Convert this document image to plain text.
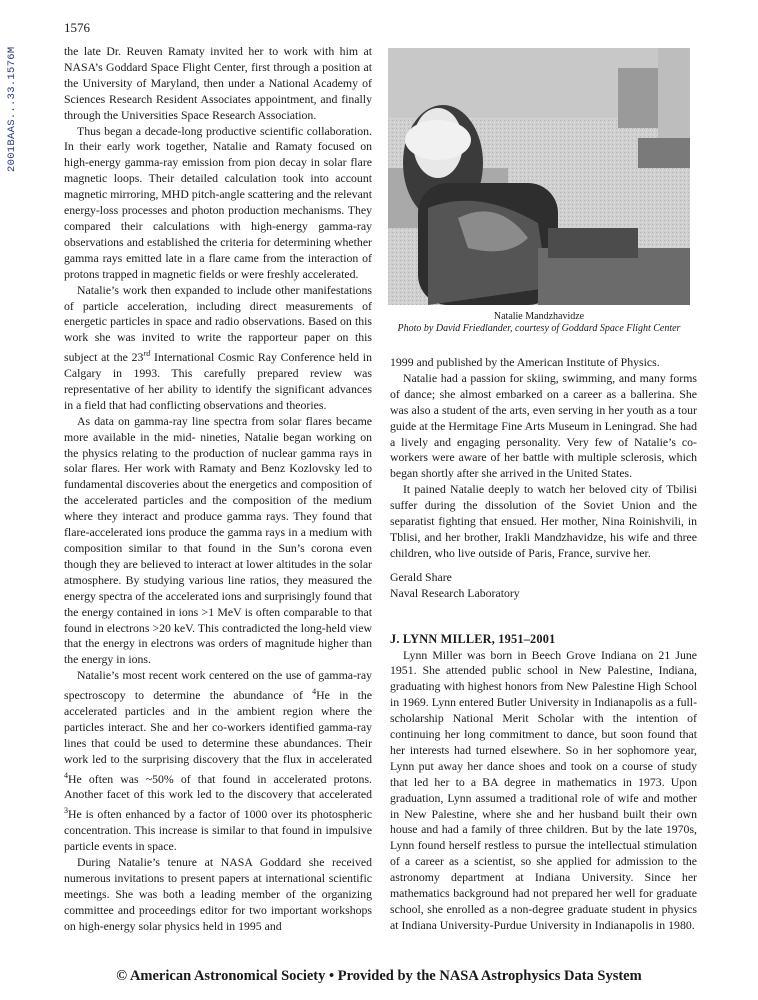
2001BAAS...33.1576M
1576

the late Dr. Reuven Ramaty invited her to work with him at NASA’s Goddard Space Flight Center, first through a position at the University of Maryland, then under a National Academy of Sciences Research Resident Associates appointment, and finally through the Universities Space Research Association.

Thus began a decade-long productive scientific collaboration. In their early work together, Natalie and Ramaty focused on high-energy gamma-ray emission from pion decay in solar flare magnetic loops. Their detailed calculation took into account magnetic mirroring, MHD pitch-angle scattering and the relevant energy-loss processes and photon production mechanisms. They compared their calculations with high-energy gamma-ray observations and established the criteria for determining whether gamma rays emitted late in a flare came from the interaction of protons trapped in magnetic fields or were freshly accelerated.

Natalie’s work then expanded to include other manifestations of particle acceleration, including direct measurements of energetic particles in space and radio observations. Based on this work she was invited to write the rapporteur paper on this subject at the 23rd International Cosmic Ray Conference held in Calgary in 1993. This carefully prepared review was representative of her ability to identify the significant advances in a field that had conflicting observations and theories.

As data on gamma-ray line spectra from solar flares became more available in the mid- nineties, Natalie began working on the physics relating to the production of nuclear gamma rays in solar flares. Her work with Ramaty and Benz Kozlovsky led to fundamental discoveries about the energetics and composition of the accelerated particles and the composition of the medium where they interact and produce gamma rays. They found that flare-accelerated ions produce the gamma rays in a medium with composition similar to that found in the Sun’s corona even though they are believed to interact at lower altitudes in the solar atmosphere. By studying various line ratios, they measured the energy spectra of the accelerated ions and surprisingly found that the energy contained in ions >1 MeV is often comparable to that found in electrons >20 keV. This contradicted the long-held view that the energy in electrons was orders of magnitude higher than the energy in ions.

Natalie’s most recent work centered on the use of gamma-ray spectroscopy to determine the abundance of $^4$He in the accelerated particles and in the ambient region where the particles interact. She and her co-workers identified gamma-ray lines that could be used to determine these abundances. Their work led to the surprising discovery that the flux in accelerated $^4$He often was ~50% of that found in accelerated protons. Another facet of this work led to the discovery that accelerated $^3$He is often enhanced by a factor of 1000 over its photospheric concentration. This increase is similar to that found in impulsive particle events in space.

During Natalie’s tenure at NASA Goddard she received numerous invitations to present papers at international scientific meetings. She was both a leading member of the organizing committee and proceedings editor for two important workshops on high-energy solar physics held in 1995 and

Natalie Mandzhavidze
Photo by David Friedlander, courtesy of Goddard Space Flight Center

1999 and published by the American Institute of Physics.

Natalie had a passion for skiing, swimming, and many forms of dance; she almost embarked on a career as a ballerina. She was also a student of the arts, even serving in her youth as a tour guide at the Hermitage Fine Arts Museum in Leningrad. She had a lively and engaging personality. Very few of Natalie’s co-workers were aware of her battle with multiple sclerosis, which began shortly after she arrived in the United States.

It pained Natalie deeply to watch her beloved city of Tbilisi suffer during the dissolution of the Soviet Union and the separatist fighting that ensued. Her mother, Nina Roinishvili, in Tblisi, and her brother, Irakli Mandzhavidze, his wife and three children, who live outside of Paris, France, survive her.

Gerald Share

Naval Research Laboratory

J. LYNN MILLER, 1951–2001

Lynn Miller was born in Beech Grove Indiana on 21 June 1951. She attended public school in New Palestine, Indiana, graduating with highest honors from New Palestine High School in 1969. Lynn entered Butler University in Indianapolis as a full-scholarship National Merit Scholar with the intention of continuing her long commitment to dance, but soon found that her interests had turned elsewhere. So in her sophomore year, Lynn put away her dance shoes and took on a course of study that led her to a BA degree in mathematics in 1973. Upon graduation, Lynn assumed a traditional role of wife and mother in New Palestine, where she and her husband built their own house and had a family of three children. But by the late 1970s, Lynn found herself restless to pursue the intellectual stimulation of a career as a scientist, so she applied for admission to the astronomy department at Indiana University. Since her mathematics background had not prepared her well for graduate school, she enrolled as a non-degree graduate student in physics at Indiana University-Purdue University in Indianapolis in 1980.

© American Astronomical Society • Provided by the NASA Astrophysics Data System
